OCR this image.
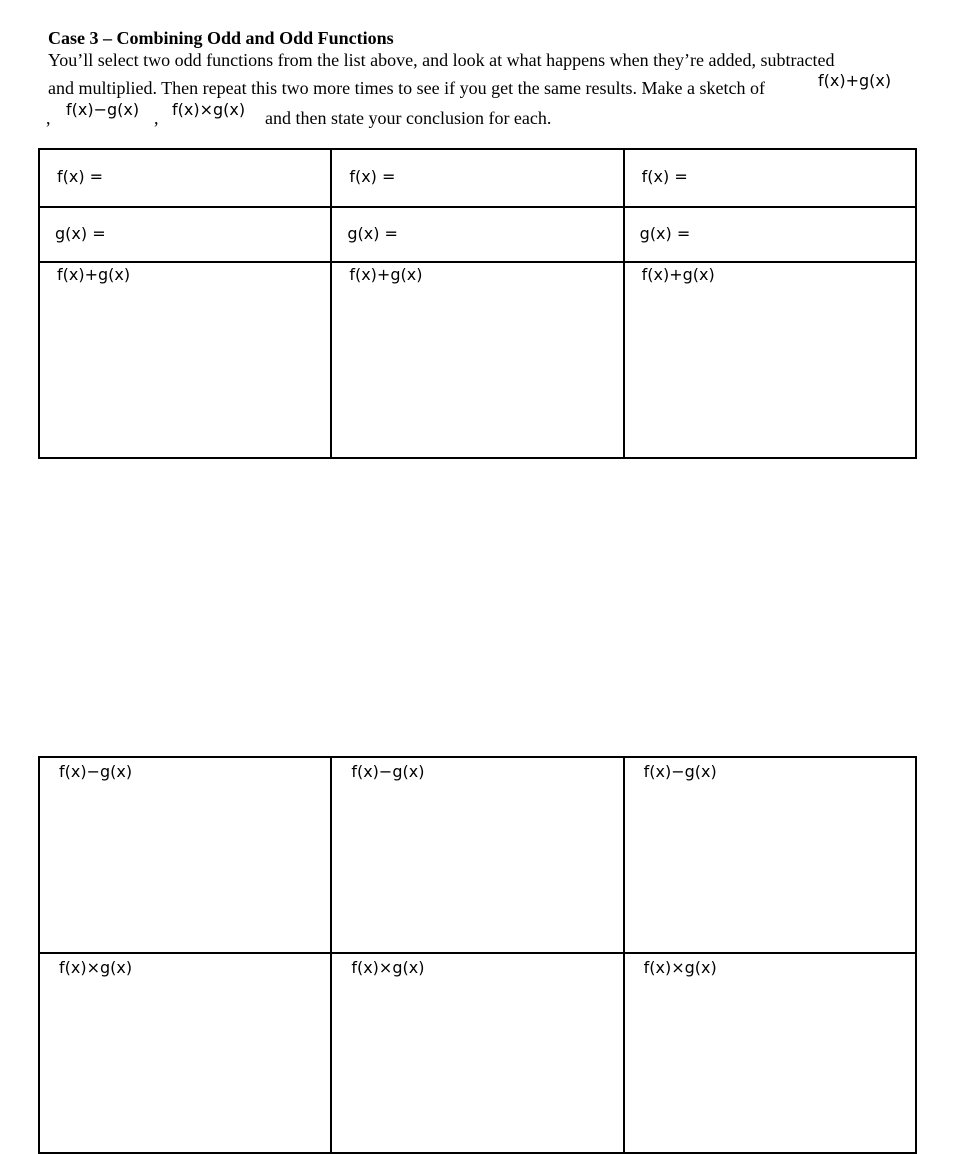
Case 3 – Combining Odd and Odd Functions
You’ll select two odd functions from the list above, and look at what happens when they’re added, subtracted
and multiplied. Then repeat this two more times to see if you get the same results. Make a sketch of	f(x)+g(x)
, f(x)−g(x) , f(x)×g(x) and then state your conclusion for each.
f(x) =	f(x) =	f(x) =

g(x) =	g(x) =	g(x) =

f(x)+g(x)	f(x)+g(x)	f(x)+g(x)
f(x)−g(x)	f(x)−g(x)	f(x)−g(x)

f(x)×g(x)	f(x)×g(x)	f(x)×g(x)
